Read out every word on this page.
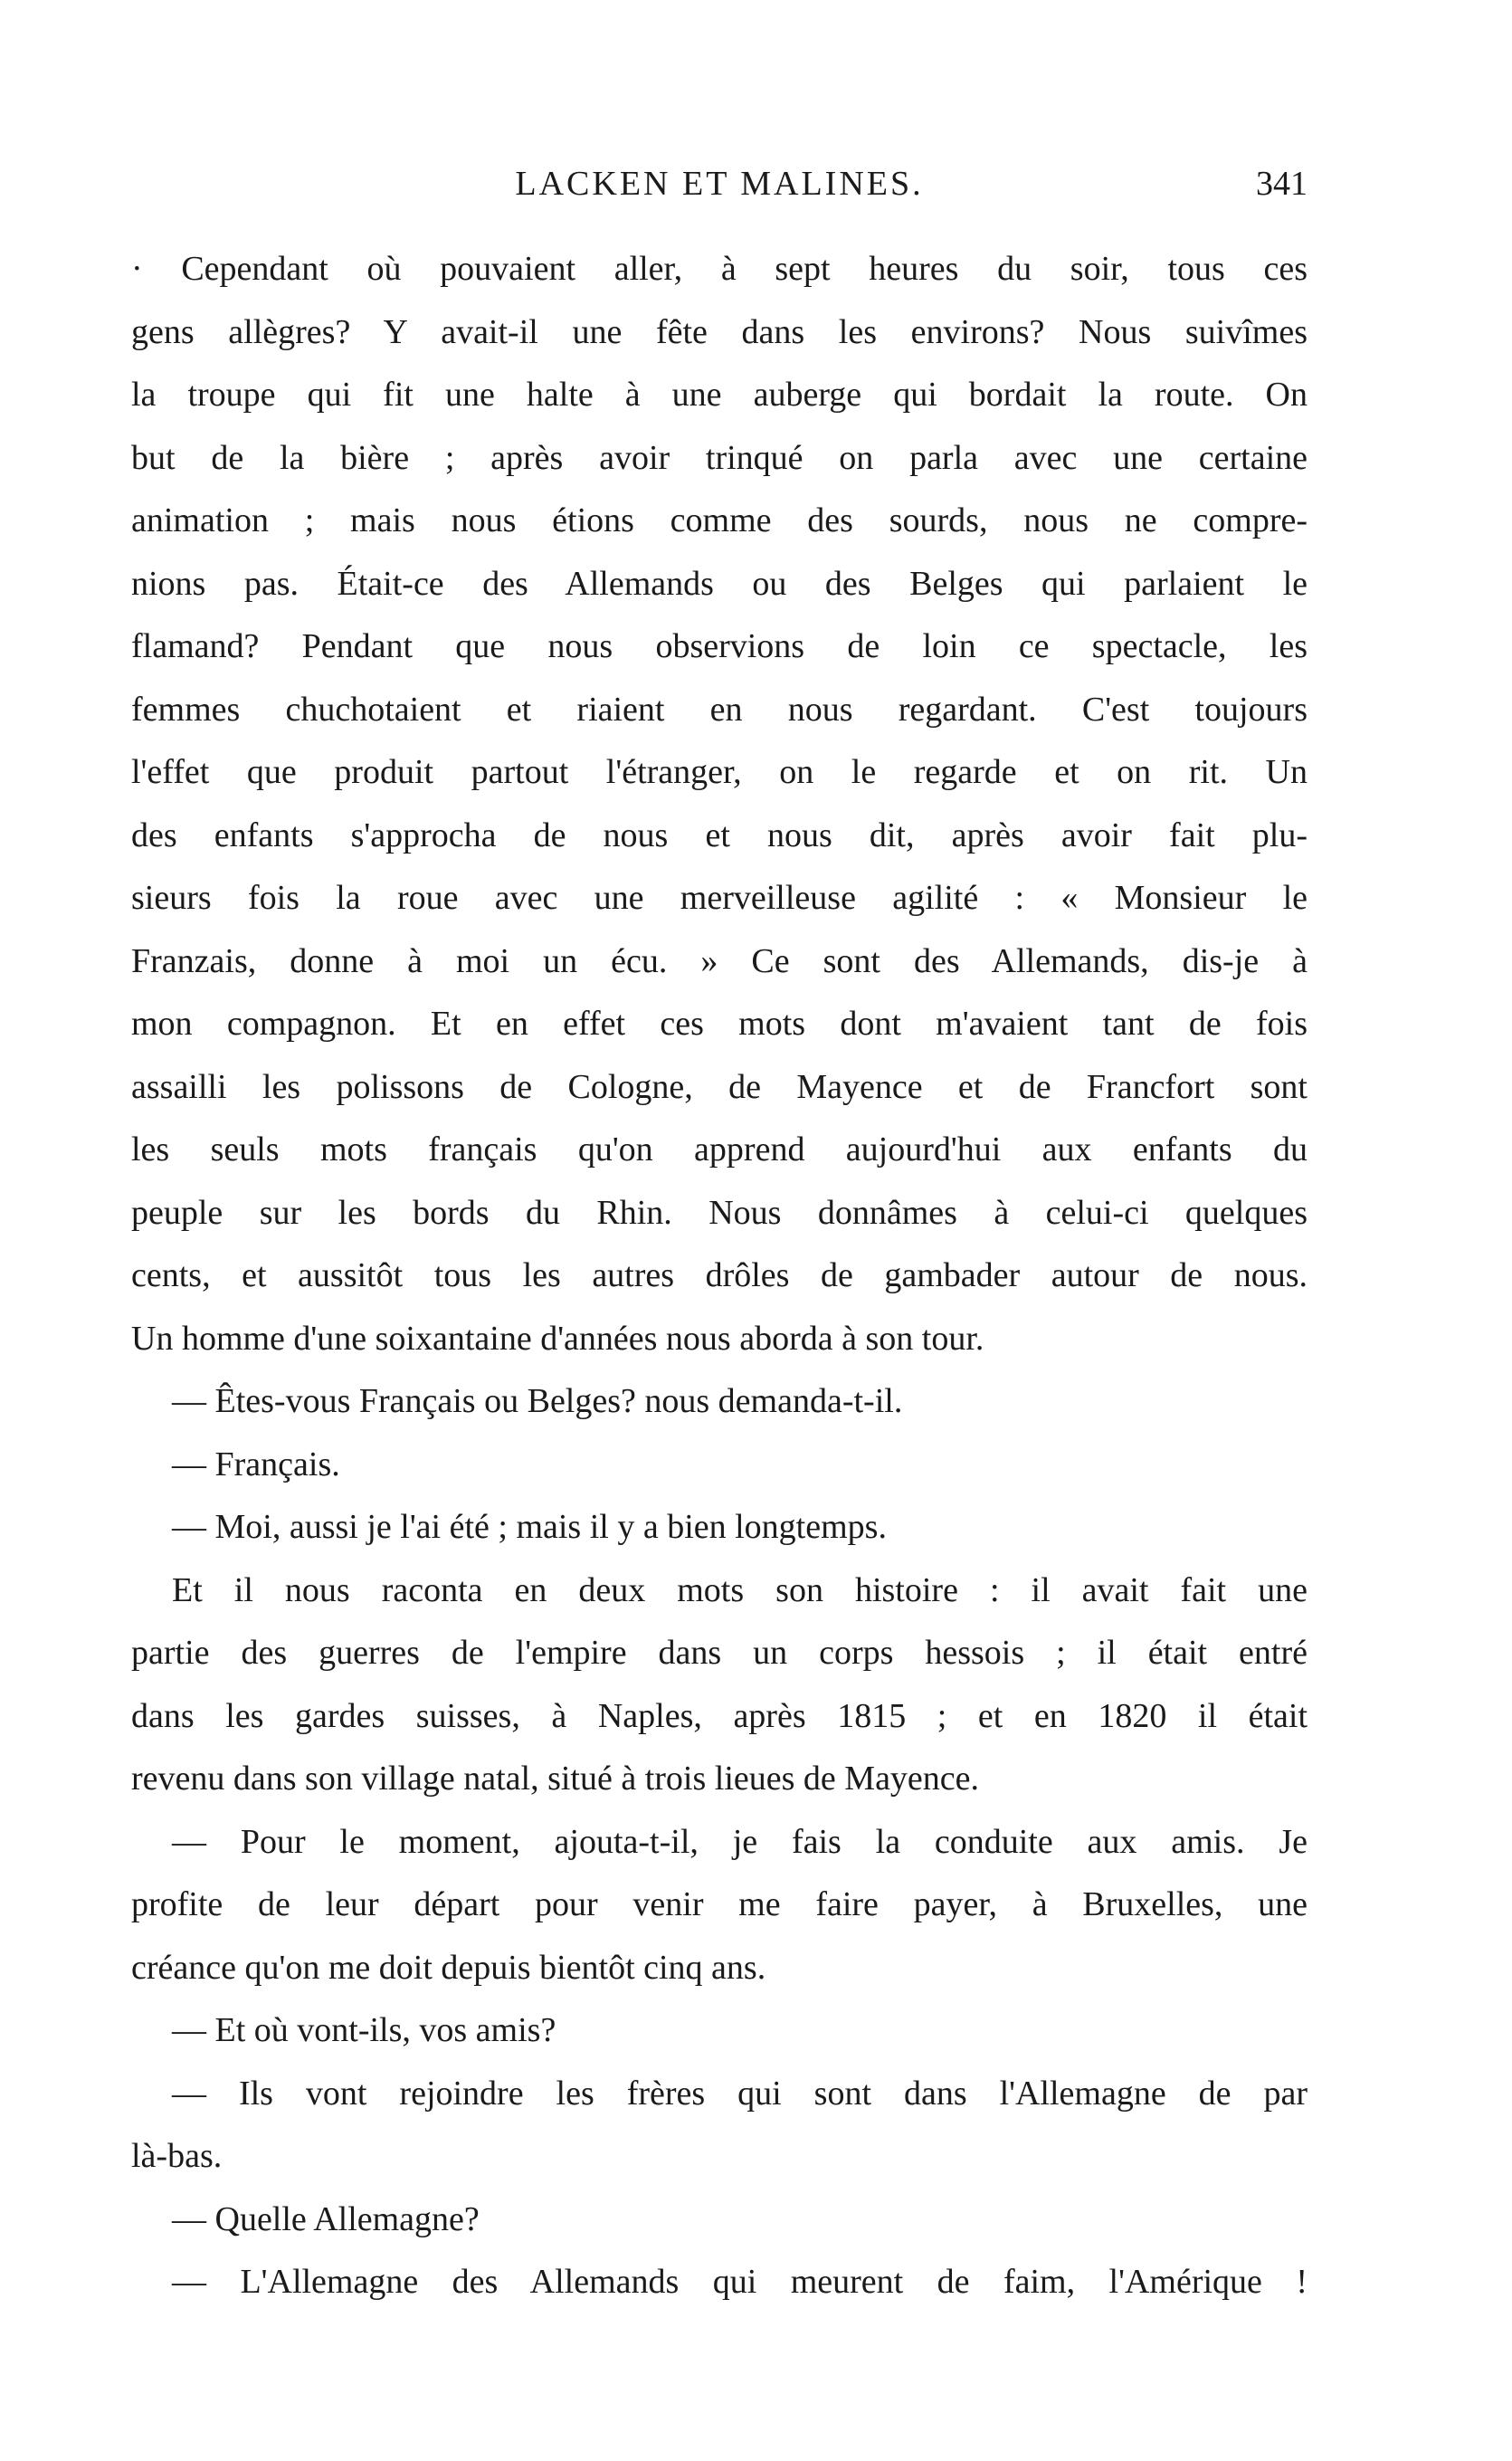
LACKEN ET MALINES.	341
· Cependant où pouvaient aller, à sept heures du soir, tous ces
gens allègres? Y avait-il une fête dans les environs? Nous suivîmes
la troupe qui fit une halte à une auberge qui bordait la route. On
but de la bière ; après avoir trinqué on parla avec une certaine
animation ; mais nous étions comme des sourds, nous ne compre-
nions pas. Était-ce des Allemands ou des Belges qui parlaient le
flamand? Pendant que nous observions de loin ce spectacle, les
femmes chuchotaient et riaient en nous regardant. C'est toujours
l'effet que produit partout l'étranger, on le regarde et on rit. Un
des enfants s'approcha de nous et nous dit, après avoir fait plu-
sieurs fois la roue avec une merveilleuse agilité : « Monsieur le
Franzais, donne à moi un écu. » Ce sont des Allemands, dis-je à
mon compagnon. Et en effet ces mots dont m'avaient tant de fois
assailli les polissons de Cologne, de Mayence et de Francfort sont
les seuls mots français qu'on apprend aujourd'hui aux enfants du
peuple sur les bords du Rhin. Nous donnâmes à celui-ci quelques
cents, et aussitôt tous les autres drôles de gambader autour de nous.
Un homme d'une soixantaine d'années nous aborda à son tour.
— Êtes-vous Français ou Belges? nous demanda-t-il.
— Français.
— Moi, aussi je l'ai été ; mais il y a bien longtemps.
Et il nous raconta en deux mots son histoire : il avait fait une
partie des guerres de l'empire dans un corps hessois ; il était entré
dans les gardes suisses, à Naples, après 1815 ; et en 1820 il était
revenu dans son village natal, situé à trois lieues de Mayence.
— Pour le moment, ajouta-t-il, je fais la conduite aux amis. Je
profite de leur départ pour venir me faire payer, à Bruxelles, une
créance qu'on me doit depuis bientôt cinq ans.
— Et où vont-ils, vos amis?
— Ils vont rejoindre les frères qui sont dans l'Allemagne de par
là-bas.
— Quelle Allemagne?
— L'Allemagne des Allemands qui meurent de faim, l'Amérique !
